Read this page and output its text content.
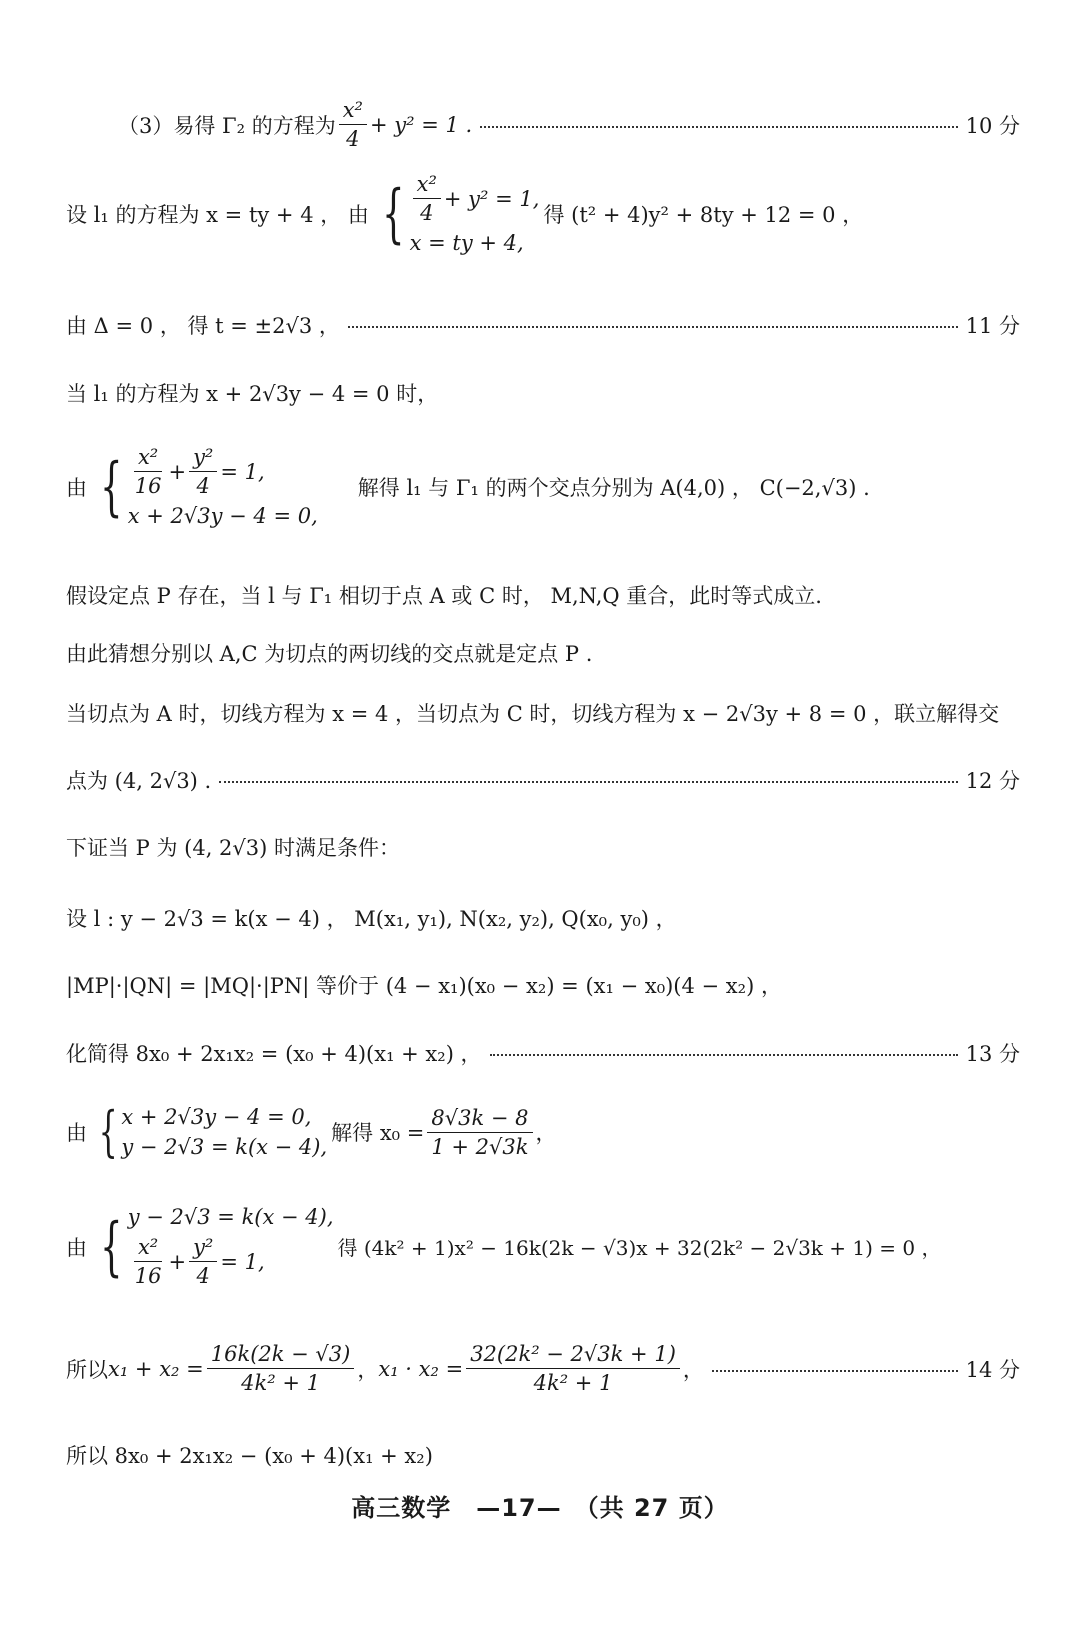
（3）易得 Γ₂ 的方程为 $\frac{\text{x²}}{4} + y^2 = 1$ .	10 分
设 l₁ 的方程为 x = ty + 4 ， 由 { $\frac{\text{x²}}{4} + y^2 = 1$,
x = ty + 4,
得 (t² + 4)y² + 8ty + 12 = 0 ，
由 Δ = 0 ， 得 t = ±2√3 ，	11 分
当 l₁ 的方程为 x + 2√3y − 4 = 0 时，
由 { $\frac{\text{x²}}{16} + \frac{\text{y²}}{4} = 1$,
x + 2√3y − 4 = 0,
解得 l₁ 与 Γ₁ 的两个交点分别为 A(4,0) ， C(−2,√3) .
假设定点 P 存在，当 l 与 Γ₁ 相切于点 A 或 C 时， M,N,Q 重合，此时等式成立.
由此猜想分别以 A,C 为切点的两切线的交点就是定点 P .
当切点为 A 时，切线方程为 x = 4 ，当切点为 C 时，切线方程为 x − 2√3y + 8 = 0 ，联立解得交
点为 (4, 2√3) .	12 分
下证当 P 为 (4, 2√3) 时满足条件：
设 l : y − 2√3 = k(x − 4) ， M(x₁, y₁), N(x₂, y₂), Q(x₀, y₀) ，
|MP|·|QN| = |MQ|·|PN| 等价于 (4 − x₁)(x₀ − x₂) = (x₁ − x₀)(4 − x₂) ，
化简得 8x₀ + 2x₁x₂ = (x₀ + 4)(x₁ + x₂) ，	13 分
由 { x + 2√3y − 4 = 0,
y − 2√3 = k(x − 4),
解得 $x_0 = \frac{8√3k - 8}{1 + 2√3k}$ ，
由 { y − 2√3 = k(x − 4),
$\frac{\text{x²}}{16} + \frac{\text{y²}}{4} = 1$,
得 (4k² + 1)x² − 16k(2k − √3)x + 32(2k² − 2√3k + 1) = 0 ，
所以 $x_1 + x_2 = \frac{16k(2k - √3)}{\text{4k² + 1}}$ ， $x_1 \cdot x_2 = \frac{\text{32(2k² − 2√3k + 1)}}{\text{4k² + 1}}$ ，	14 分
所以 8x₀ + 2x₁x₂ − (x₀ + 4)(x₁ + x₂)
高三数学　—17—　（共 27 页）
